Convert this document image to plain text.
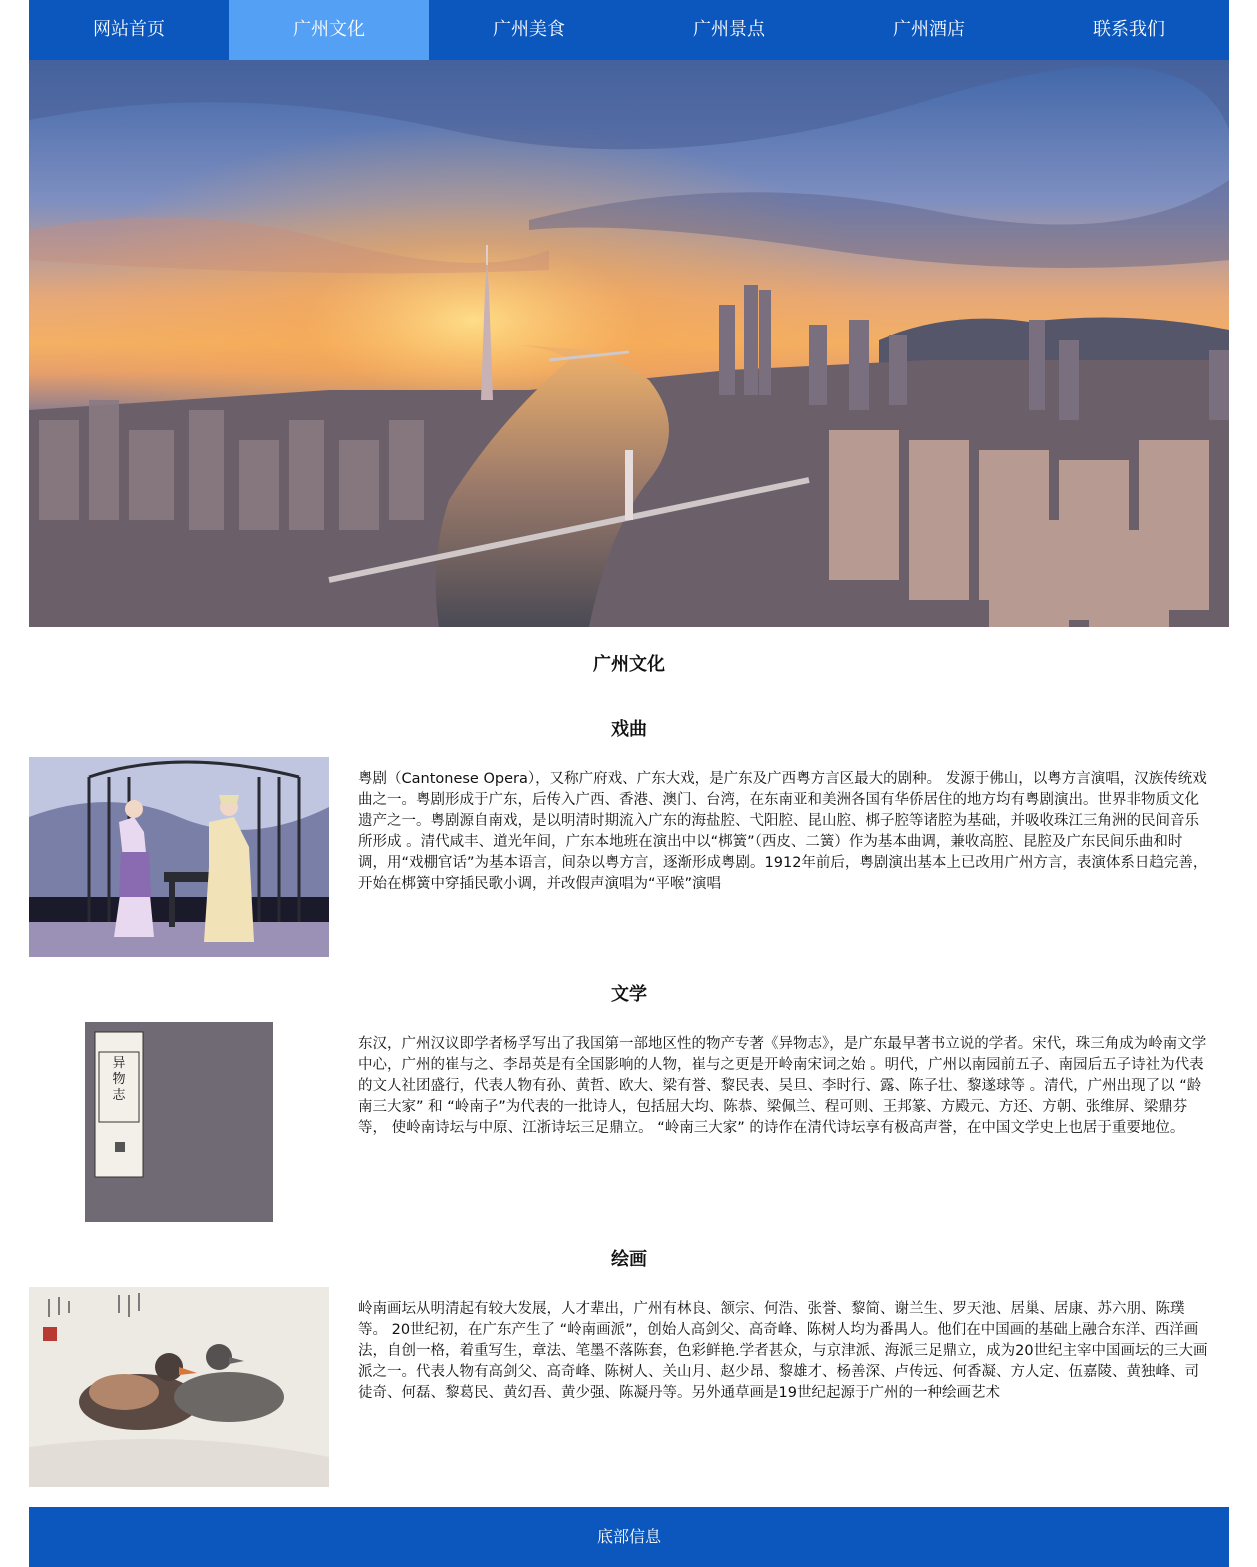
网站首页	广州文化	广州美食	广州景点	广州酒店	联系我们
广州文化
戏曲
粤剧（Cantonese Opera），又称广府戏、广东大戏，是广东及广西粤方言区最大的剧种。 发源于佛山，以粤方言演唱，汉族传统戏曲之一。粤剧形成于广东，后传入广西、香港、澳门、台湾，在东南亚和美洲各国有华侨居住的地方均有粤剧演出。世界非物质文化遗产之一。粤剧源自南戏，是以明清时期流入广东的海盐腔、弋阳腔、昆山腔、梆子腔等诸腔为基础，并吸收珠江三角洲的民间音乐所形成 。清代咸丰、道光年间，广东本地班在演出中以“梆簧”（西皮、二簧）作为基本曲调，兼收高腔、昆腔及广东民间乐曲和时调，用“戏棚官话”为基本语言，间杂以粤方言，逐渐形成粤剧。1912年前后，粤剧演出基本上已改用广州方言，表演体系日趋完善，开始在梆簧中穿插民歌小调，并改假声演唱为“平喉”演唱
文学
异物志
东汉，广州汉议即学者杨孚写出了我国第一部地区性的物产专著《异物志》，是广东最早著书立说的学者。宋代，珠三角成为岭南文学中心，广州的崔与之、李昂英是有全国影响的人物，崔与之更是开岭南宋词之始 。明代，广州以南园前五子、南园后五子诗社为代表的文人社团盛行，代表人物有孙、黄哲、欧大、梁有誉、黎民表、吴旦、李时行、露、陈子壮、黎遂球等 。清代，广州出现了以 “龄南三大家” 和 “岭南子”为代表的一批诗人，包括屈大均、陈恭、梁佩兰、程可则、王邦篆、方殿元、方还、方朝、张维屏、梁鼎芬等， 使岭南诗坛与中原、江浙诗坛三足鼎立。 “岭南三大家” 的诗作在清代诗坛享有极高声誉，在中国文学史上也居于重要地位。
绘画
岭南画坛从明清起有较大发展，人才辈出，广州有林良、颔宗、何浩、张誉、黎简、谢兰生、罗天池、居巢、居康、苏六朋、陈璞等。 20世纪初，在广东产生了 “岭南画派”，创始人高剑父、高奇峰、陈树人均为番禺人。他们在中国画的基础上融合东洋、西洋画法，自创一格，着重写生，章法、笔墨不落陈套，色彩鲜艳.学者甚众，与京津派、海派三足鼎立，成为20世纪主宰中国画坛的三大画派之一。代表人物有高剑父、高奇峰、陈树人、关山月、赵少昂、黎雄才、杨善深、卢传远、何香凝、方人定、伍嘉陵、黄独峰、司徒奇、何磊、黎葛民、黄幻吾、黄少强、陈凝丹等。另外通草画是19世纪起源于广州的一种绘画艺术
底部信息
